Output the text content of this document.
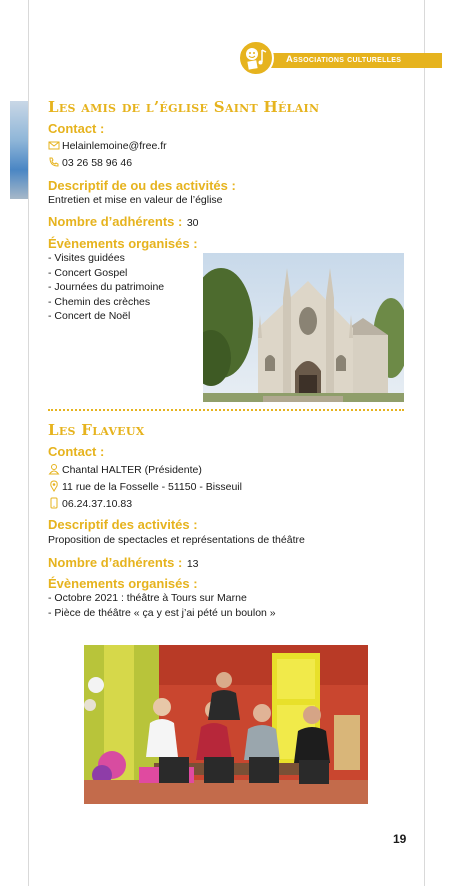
Associations culturelles
Les amis de l’église Saint Hélain
Contact :
Helainlemoine@free.fr
03 26 58 96 46
Descriptif de ou des activités :
Entretien et mise en valeur de l’église
Nombre d’adhérents : 30
Évènements organisés :
- Visites guidées
- Concert Gospel
- Journées du patrimoine
- Chemin des crèches
- Concert de Noël
Les Flaveux
Contact :
Chantal HALTER (Présidente)
11 rue de la Fosselle - 51150 - Bisseuil
06.24.37.10.83
Descriptif des activités :
Proposition de spectacles et représentations de théâtre
Nombre d’adhérents : 13
Évènements organisés :
- Octobre 2021 : théâtre à Tours sur Marne
- Pièce de théâtre « ça y est j’ai pété un boulon »
19
